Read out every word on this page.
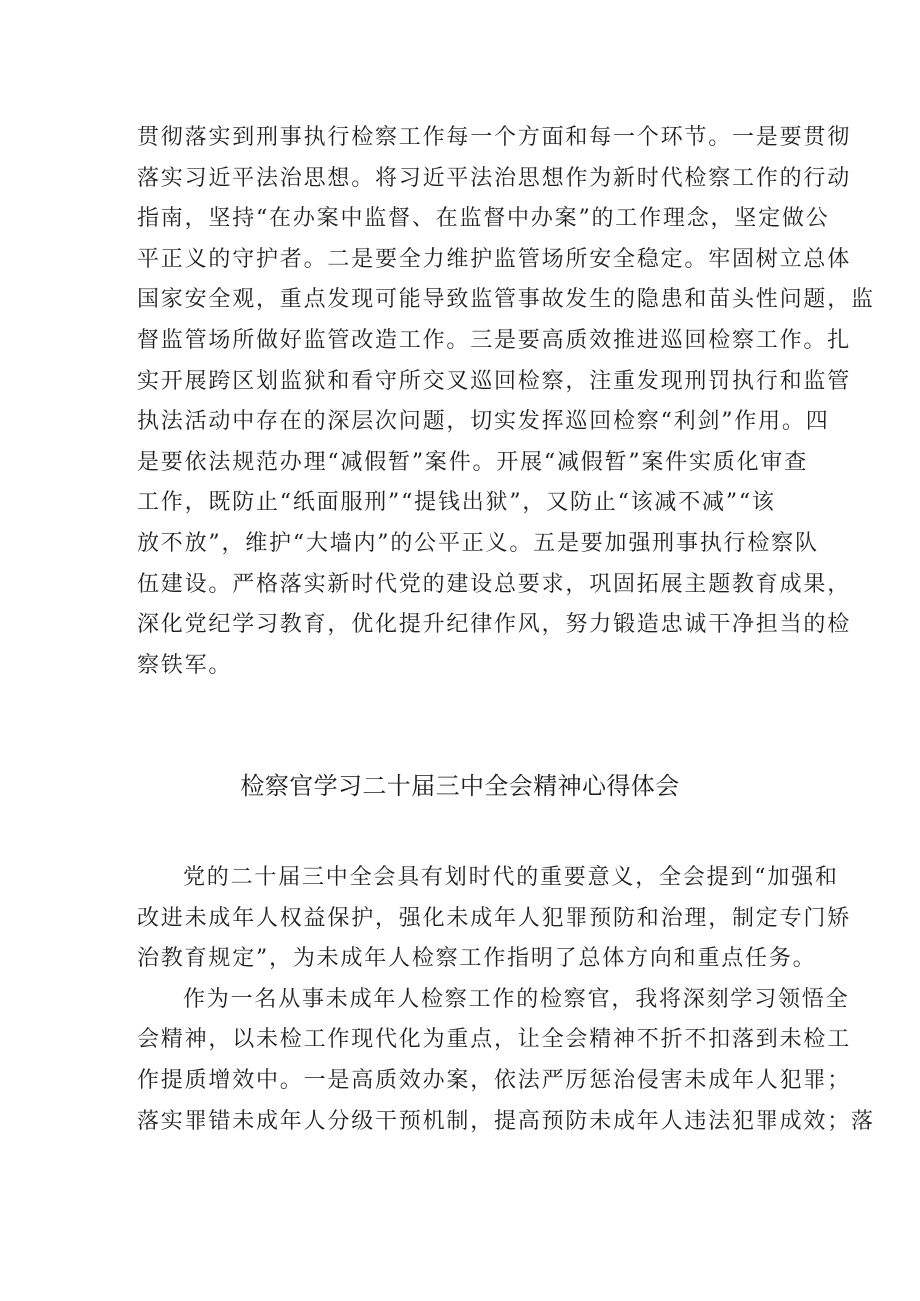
贯彻落实到刑事执行检察工作每一个方面和每一个环节。一是要贯彻
落实习近平法治思想。将习近平法治思想作为新时代检察工作的行动
指南，坚持“在办案中监督、在监督中办案”的工作理念，坚定做公
平正义的守护者。二是要全力维护监管场所安全稳定。牢固树立总体
国家安全观，重点发现可能导致监管事故发生的隐患和苗头性问题，监
督监管场所做好监管改造工作。三是要高质效推进巡回检察工作。扎
实开展跨区划监狱和看守所交叉巡回检察，注重发现刑罚执行和监管
执法活动中存在的深层次问题，切实发挥巡回检察“利剑”作用。四
是要依法规范办理“减假暂”案件。开展“减假暂”案件实质化审查
工作，既防止“纸面服刑”“提钱出狱”，又防止“该减不减”“该
放不放”，维护“大墙内”的公平正义。五是要加强刑事执行检察队
伍建设。严格落实新时代党的建设总要求，巩固拓展主题教育成果，
深化党纪学习教育，优化提升纪律作风，努力锻造忠诚干净担当的检
察铁军。
检察官学习二十届三中全会精神心得体会
党的二十届三中全会具有划时代的重要意义，全会提到“加强和
改进未成年人权益保护，强化未成年人犯罪预防和治理，制定专门矫
治教育规定”，为未成年人检察工作指明了总体方向和重点任务。
作为一名从事未成年人检察工作的检察官，我将深刻学习领悟全
会精神，以未检工作现代化为重点，让全会精神不折不扣落到未检工
作提质增效中。一是高质效办案，依法严厉惩治侵害未成年人犯罪；
落实罪错未成年人分级干预机制，提高预防未成年人违法犯罪成效；落
